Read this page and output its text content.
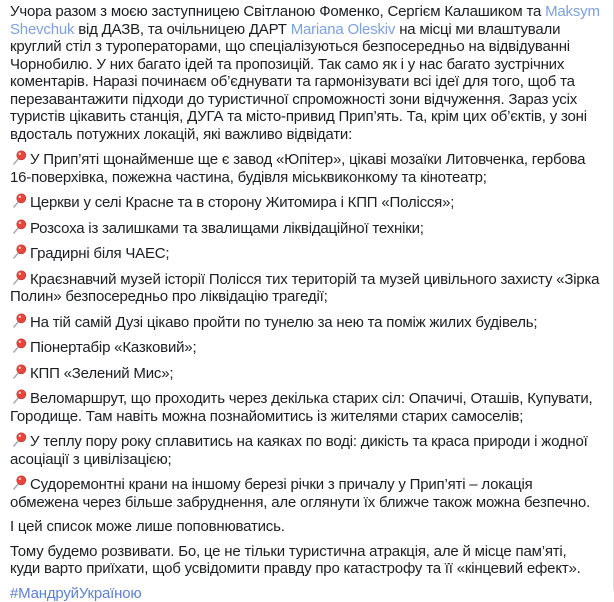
Учора разом з моєю заступницею Світланою Фоменко, Сергієм Калашиком та Maksym Shevchuk від ДАЗВ, та очільницею ДАРТ Mariana Oleskiv на місці ми влаштували круглий стіл з туроператорами, що спеціалізуються безпосередньо на відвідуванні Чорнобилю. У них багато ідей та пропозицій. Так само як і у нас багато зустрічних коментарів. Наразі починаєм об’єднувати та гармонізувати всі ідеї для того, щоб та перезавантажити підходи до туристичної спроможності зони відчуження. Зараз усіх туристів цікавить станція, ДУГА та місто-привид Прип’ять. Та, крім цих об’єктів, у зоні вдосталь потужних локацій, які важливо відвідати:

У Прип’яті щонайменше ще є завод «Юпітер», цікаві мозаїки Литовченка, гербова 16-поверхівка, пожежна частина, будівля міськвиконкому та кінотеатр;

Церкви у селі Красне та в сторону Житомира і КПП «Полісся»;

Розсоха із залишками та звалищами ліквідаційної техніки;

Градирні біля ЧАЕС;

Краєзнавчий музей історії Полісся тих територій та музей цивільного захисту «Зірка Полин» безпосередньо про ліквідацію трагедії;

На тій самій Дузі цікаво пройти по тунелю за нею та поміж жилих будівель;

Піонертабір «Казковий»;

КПП «Зелений Мис»;

Веломаршрут, що проходить через декілька старих сіл: Опачичі, Оташів, Купувати, Городище. Там навіть можна познайомитись із жителями старих самоселів;

У теплу пору року сплавитись на каяках по воді: дикість та краса природи і жодної асоціації з цивілізацією;

Судоремонтні крани на іншому березі річки з причалу у Прип’яті – локація обмежена через більше забруднення, але оглянути їх ближче також можна безпечно.

І цей список може лише поповнюватись.

Тому будемо розвивати. Бо, це не тільки туристична атракція, але й місце пам’яті, куди варто приїхати, щоб усвідомити правду про катастрофу та її «кінцевий ефект».

#МандруйУкраїною
